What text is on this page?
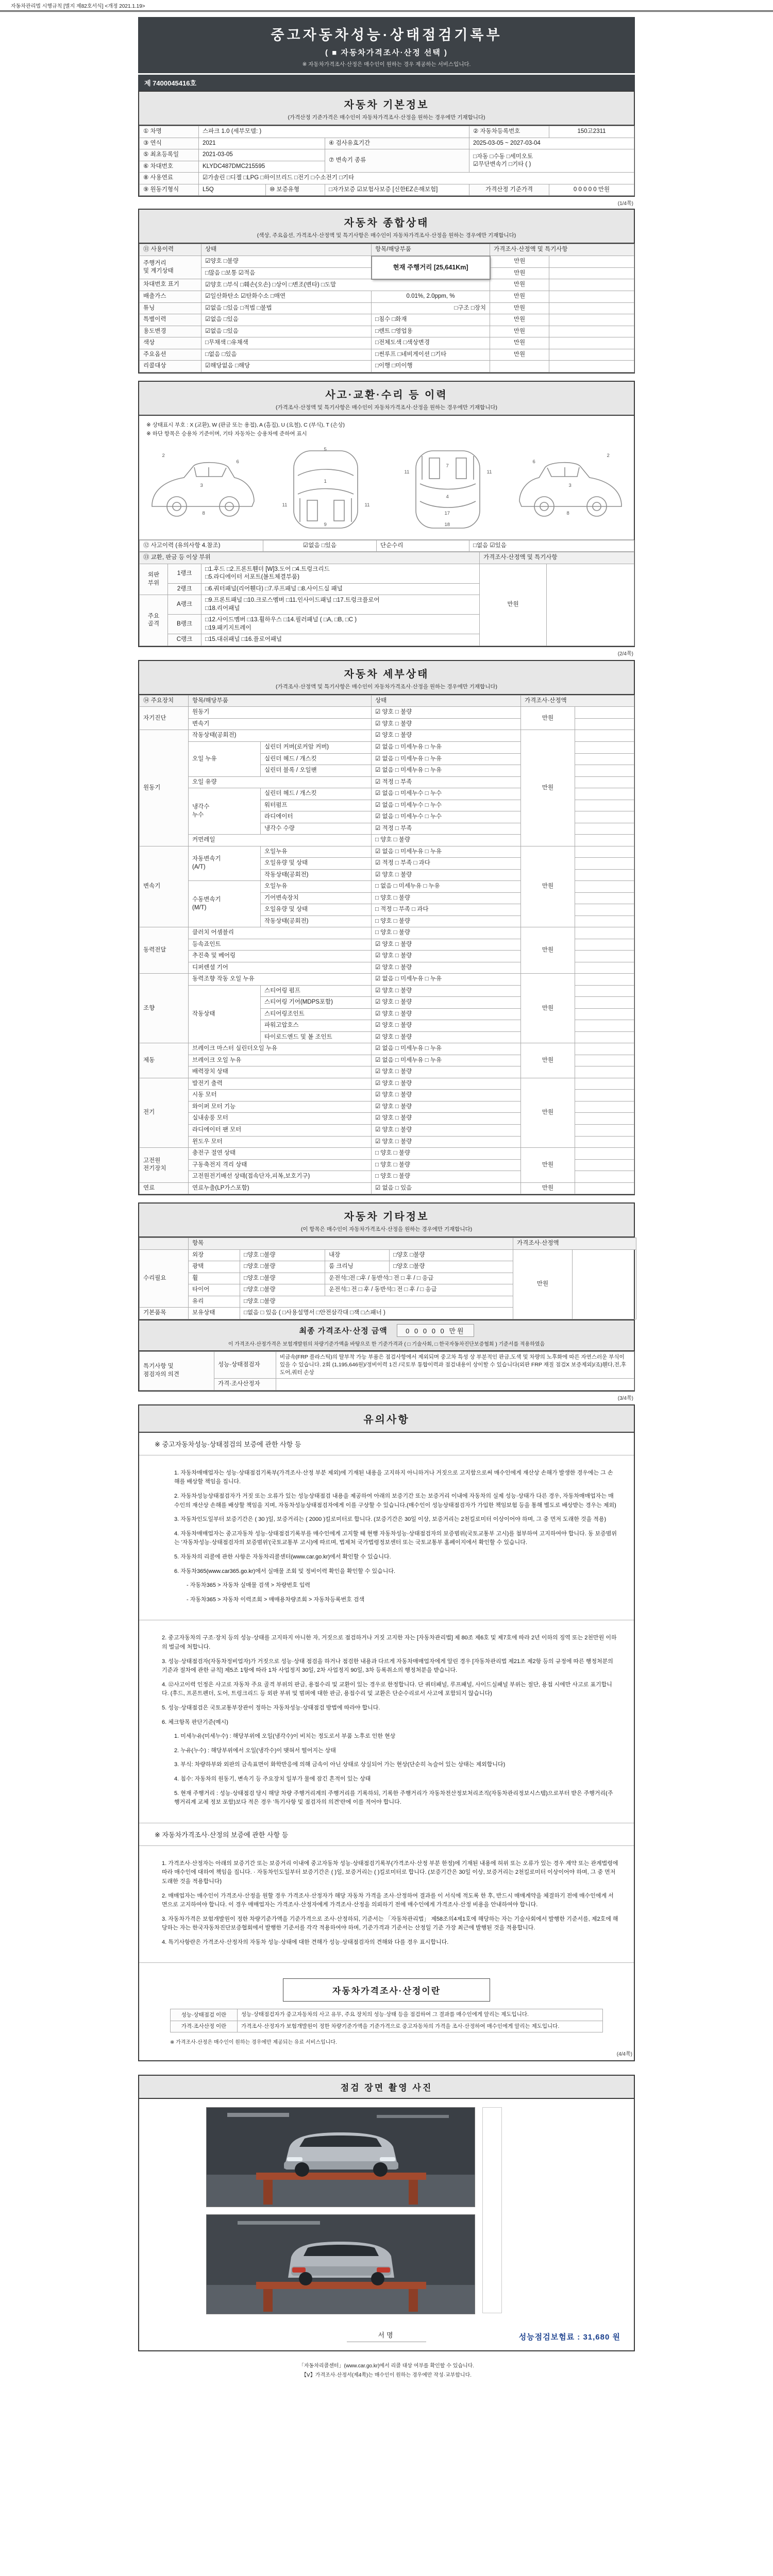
자동차관리법 시행규칙 [별지 제82호서식] <개정 2021.1.19>
중고자동차성능·상태점검기록부
( ■ 자동차가격조사·산정 선택 )
※ 자동차가격조사·산정은 매수인이 원하는 경우 제공하는 서비스입니다.
제 7400045416호
자동차 기본정보
(가격산정 기준가격은 매수인이 자동차가격조사·산정을 원하는 경우에만 기재합니다)
① 차명	스파크 1.0 (세부모델: )			② 자동차등록번호	150고2311
③ 연식	2021		④ 검사유효기간	2025-03-05 ~ 2027-03-04	
⑤ 최초등록일	2021-03-05		⑦ 변속기 종류	□자동 □수동 □세미오토
☑무단변속기 □기타 ( )	
⑥ 차대번호	KLYDC487DMC215595				
⑧ 사용연료	☑가솔린 □디젤 □LPG □하이브리드 □전기 □수소전기 □기타				
⑨ 원동기형식	L5Q	⑩ 보증유형	□자가보증 ☑보험사보증 [신한EZ손해보험]	가격산정 기준가격	0 0 0 0 0 만원
(1/4쪽)
자동차 종합상태
(색상, 주요옵션, 가격조사·산정액 및 특기사항은 매수인이 자동차가격조사·산정을 원하는 경우에만 기재합니다)
⑪ 사용이력	상태	항목/해당부품	가격조사·산정액 및 특기사항	
주행거리
및 계기상태	☑양호 □불량	현재 주행거리 [25,641Km]	만원	
	□많음 □보통 ☑적음		만원	
차대번호 표기	☑양호 □부식 □훼손(오손) □상이 □변조(변타) □도말		만원	
배출가스	☑일산화탄소 ☑탄화수소 □매연	0.01%, 2.0ppm, %	만원	
튜닝	☑없음 □있음 □적법 □불법	□구조 □장치	만원	
특별이력	☑없음 □있음	□침수 □화재	만원	
용도변경	☑없음 □있음	□렌트 □영업용	만원	
색상	□무채색 □유채색	□전체도색 □색상변경	만원	
주요옵션	□없음 □있음	□썬루프 □네비게이션 □기타	만원	
리콜대상	☑해당없음 □해당	□이행 □미이행		
사고·교환·수리 등 이력
(가격조사·산정액 및 특기사항은 매수인이 자동차가격조사·산정을 원하는 경우에만 기재합니다)
※ 상태표시 부호 : X (교환), W (판금 또는 용접), A (흠집), U (요철), C (부식), T (손상)
※ 하단 항목은 승용차 기준이며, 기타 자동차는 승용차에 준하여 표시
2
3
6
8
5
1
9
11	11
7
4
17
18
11	11
2
3
6
8
⑫ 사고이력 (유의사항 4.참조)	☑없음 □있음	단순수리	□없음 ☑있음
⑬ 교환, 판금 등 이상 부위			가격조사·산정액 및 특기사항	
외판
부위	1랭크	□1.후드 □2.프론트휀더 [W]3.도어 □4.트렁크리드
□5.라디에이터 서포트(볼트체결부품)	만원	
	2랭크	□6.쿼터패널(리어휀다) □7.루프패널 □8.사이드실 패널		
주요
골격	A랭크	□9.프론트패널 □10.크로스멤버 □11.인사이드패널 □17.트렁크플로어
□18.리어패널		
	B랭크	□12.사이드멤버 □13.휠하우스 □14.필러패널 ( □A, □B, □C )
□19.패키지트레이		
	C랭크	□15.대쉬패널 □16.플로어패널		
(2/4쪽)
자동차 세부상태
(가격조사·산정액 및 특기사항은 매수인이 자동차가격조사·산정을 원하는 경우에만 기재합니다)
⑭ 주요장치	항목/해당부품		상태	가격조사·산정액	
자기진단	원동기		☑ 양호 □ 불량	만원	
	변속기		☑ 양호 □ 불량		
원동기	작동상태(공회전)		☑ 양호 □ 불량	만원	
	오일 누유	실린더 커버(로커암 커버)	☑ 없음 □ 미세누유 □ 누유		
		실린더 헤드 / 개스킷	☑ 없음 □ 미세누유 □ 누유		
		실린더 블록 / 오일팬	☑ 없음 □ 미세누유 □ 누유		
	오일 유량		☑ 적정 □ 부족		
	냉각수
누수	실린더 헤드 / 개스킷	☑ 없음 □ 미세누수 □ 누수		
		워터펌프	☑ 없음 □ 미세누수 □ 누수		
		라디에이터	☑ 없음 □ 미세누수 □ 누수		
		냉각수 수량	☑ 적정 □ 부족		
	커먼레일		□ 양호 □ 불량		
변속기	자동변속기
(A/T)	오일누유	☑ 없음 □ 미세누유 □ 누유	만원	
		오일유량 및 상태	☑ 적정 □ 부족 □ 과다		
		작동상태(공회전)	☑ 양호 □ 불량		
	수동변속기
(M/T)	오일누유	□ 없음 □ 미세누유 □ 누유		
		기어변속장치	□ 양호 □ 불량		
		오일유량 및 상태	□ 적정 □ 부족 □ 과다		
		작동상태(공회전)	□ 양호 □ 불량		
동력전달	클러치 어셈블리		□ 양호 □ 불량	만원	
	등속죠인트		☑ 양호 □ 불량		
	추진축 및 베어링		☑ 양호 □ 불량		
	디퍼렌셜 기어		☑ 양호 □ 불량		
조향	동력조향 작동 오일 누유		☑ 없음 □ 미세누유 □ 누유	만원	
	작동상태	스티어링 펌프	☑ 양호 □ 불량		
		스티어링 기어(MDPS포함)	☑ 양호 □ 불량		
		스티어링조인트	☑ 양호 □ 불량		
		파워고압호스	☑ 양호 □ 불량		
		타이로드엔드 및 볼 조인트	☑ 양호 □ 불량		
제동	브레이크 마스터 실린더오일 누유		☑ 없음 □ 미세누유 □ 누유	만원	
	브레이크 오일 누유		☑ 없음 □ 미세누유 □ 누유		
	배력장치 상태		☑ 양호 □ 불량		
전기	발전기 출력		☑ 양호 □ 불량	만원	
	시동 모터		☑ 양호 □ 불량		
	와이퍼 모터 기능		☑ 양호 □ 불량		
	실내송풍 모터		☑ 양호 □ 불량		
	라디에이터 팬 모터		☑ 양호 □ 불량		
	윈도우 모터		☑ 양호 □ 불량		
고전원
전기장치	충전구 절연 상태		□ 양호 □ 불량	만원	
	구동축전지 격리 상태		□ 양호 □ 불량		
	고전원전기배선 상태(접속단자,피복,보호기구)		□ 양호 □ 불량		
연료	연료누출(LP가스포함)		☑ 없음 □ 있음	만원	
자동차 기타정보
(이 항목은 매수인이 자동차가격조사·산정을 원하는 경우에만 기재합니다)
	항목				가격조사·산정액	
수리필요	외장	□양호 □불량	내장	□양호 □불량	만원	
	광택	□양호 □불량	룸 크리닝	□양호 □불량		
	휠	□양호 □불량	운전석□전 □후 / 동반석□ 전 □ 후 / □ 응급			
	타이어	□양호 □불량	운전석□ 전 □ 후 / 동반석□ 전 □ 후 / □ 응급			
	유리	□양호 □불량				
기본품목	보유상태	□없음 □ 있음 ( □사용설명서 □안전삼각대 □잭 □스패너 )				
최종 가격조사·산정 금액	0 0 0 0 0 만원
이 가격조사·산정가격은 보험개발원의 차량기준가액을 바탕으로 한 기준가격과 ( □ 기술사회, □ 한국자동차진단보증협회 ) 기준서를 적용하였음
특기사항 및
점검자의 의견	성능·상태점검자	비금속(FRP 플라스틱)의 탈부착 가능 부품은 점검사항에서 제외되며 중고차 특성 상 부분적인 판금,도색 및 차량의 노후화에 따른 자연스러운 부식이 있을 수 있습니다. 2회 (1,195,646원)/정비이력 1건 /국토부 통합이력과 점검내용이 상이할 수 있습니다(외판 FRP 재질 점검X 보증제외)/조)휀다,전,후도어,쿼터 손상
	가격·조사산정자	
(3/4쪽)
유의사항
※ 중고자동차성능·상태점검의 보증에 관한 사항 등
1. 자동차매매업자는 성능·상태점검기록부(가격조사·산정 부분 제외)에 기재된 내용을 고지하지 아니하거나 거짓으로 고지함으로써 매수인에게 재산상 손해가 발생한 경우에는 그 손해를 배상할 책임을 집니다.
2. 자동차성능상태점검자가 거짓 또는 오류가 있는 성능상태점검 내용을 제공하여 아래의 보증기간 또는 보증거리 이내에 자동차의 실제 성능·상태가 다른 경우, 자동차매매업자는 매수인의 재산상 손해를 배상할 책임을 지며, 자동차성능상태점검자에게 이를 구상할 수 있습니다.(매수인이 성능상태점검자가 가입한 책임보험 등을 통해 별도로 배상받는 경우는 제외)
3. 자동차인도일부터 보증기간은 ( 30 )일, 보증거리는 ( 2000 )킬로미터로 합니다. (보증기간은 30일 이상, 보증거리는 2천킬로미터 이상이어야 하며, 그 중 먼저 도래한 것을 적용)
4. 자동차매매업자는 중고자동차 성능·상태점검기록부를 매수인에게 고지할 때 현행 자동차성능·상태점검자의 보증범위(국토교통부 고시)를 첨부하여 고지하여야 합니다. 동 보증범위는 '자동차성능·상태점검자의 보증범위'(국토교통부 고시)에 따르며, 법제처 국가법령정보센터 또는 국토교통부 홈페이지에서 확인할 수 있습니다.
5. 자동차의 리콜에 관한 사항은 자동차리콜센터(www.car.go.kr)에서 확인할 수 있습니다.
6. 자동차365(www.car365.go.kr)에서 실매물 조회 및 정비이력 확인을 확인할 수 있습니다.
- 자동차365 > 자동차 실매물 검색 > 차량번호 입력
- 자동차365 > 자동차 이력조회 > 매매용차량조회 > 자동차등록번호 검색
2. 중고자동차의 구조·장치 등의 성능·상태를 고지하지 아니한 자, 거짓으로 점검하거나 거짓 고지한 자는 [자동차관리법] 제 80조 제6호 및 제7호에 따라 2년 이하의 징역 또는 2천만원 이하의 벌금에 처합니다.
3. 성능·상태점검자(자동차정비업자)가 거짓으로 성능·상태 점검을 하거나 점검한 내용과 다르게 자동차매매업자에게 알린 경우 [자동차관리법 제21조 제2항 등의 규정에 따른 행정처분의 기준과 절차에 관한 규칙] 제5조 1항에 따라 1차 사업정지 30일, 2차 사업정지 90일, 3차 등록취소의 행정처분을 받습니다.
4. ⑫사고이력 인정은 사고로 자동차 주요 골격 부위의 판금, 용접수리 및 교환이 있는 경우로 한정합니다. 단 쿼터패널, 루프패널, 사이드실패널 부위는 절단, 용접 시에만 사고로 표기합니다. (후드, 프론트펜더, 도어, 트렁크리드 등 외판 부위 및 범퍼에 대한 판금, 용접수리 및 교환은 단순수리로서 사고에 포함되지 않습니다)
5. 성능·상태점검은 국토교통부장관이 정하는 자동차성능·상태점검 방법에 따라야 합니다.
6. 체크항목 판단기준(예시)
1. 미세누유(미세누수) : 해당부위에 오일(냉각수)이 비치는 정도로서 부품 노후로 인한 현상
2. 누유(누수) : 해당부위에서 오일(냉각수)이 맺혀서 떨어지는 상태
3. 부식: 차량하부와 외판의 금속표면이 화학반응에 의해 금속이 아닌 상태로 상실되어 가는 현상(단순히 녹슬어 있는 상태는 제외합니다)
4. 침수: 자동차의 원동기, 변속기 등 주요장치 일부가 물에 잠긴 흔적이 있는 상태
5. 현재 주행거리 : 성능·상태점검 당시 해당 차량 주행거리계의 주행거리를 기록하되, 기록한 주행거리가 자동차전산정보처리조직(자동차관리정보시스템)으로부터 받은 주행거리(주행거리계 교체 정보 포함)보다 적은 경우 '특기사항 및 점검자의 의견'란에 이를 적어야 합니다.
※ 자동차가격조사·산정의 보증에 관한 사항 등
1. 가격조사·산정자는 아래의 보증기간 또는 보증거리 이내에 중고자동차 성능·상태점검기록부(가격조사·산정 부분 한정)에 기재된 내용에 허위 또는 오류가 있는 경우 계약 또는 관계법령에 따라 매수인에 대하여 책임을 집니다. · 자동차인도일부터 보증기간은 ( )일, 보증거리는 ( )킬로미터로 합니다. (보증기간은 30일 이상, 보증거리는 2천킬로미터 이상이어야 하며, 그 중 먼저 도래한 것을 적용합니다)
2. 매매업자는 매수인이 가격조사·산정을 원할 경우 가격조사·산정자가 해당 자동차 가격을 조사·산정하여 결과를 이 서식에 적도록 한 후, 반드시 매매계약을 체결하기 전에 매수인에게 서면으로 고지하여야 합니다. 이 경우 매매업자는 가격조사·산정자에게 가격조사·산정을 의뢰하기 전에 매수인에게 가격조사·산정 비용을 안내하여야 합니다.
3. 자동차가격은 보험개발원이 정한 차량기준가액을 기준가격으로 조사·산정하되, 기준서는 「자동차관리법」 제58조의4제1호에 해당하는 자는 기술사회에서 발행한 기준서를, 제2호에 해당하는 자는 한국자동차진단보증협회에서 발행한 기준서를 각각 적용하여야 하며, 기준가격과 기준서는 산정일 기준 가장 최근에 발행된 것을 적용합니다.
4. 특기사항란은 가격조사·산정자의 자동차 성능·상태에 대한 견해가 성능·상태점검자의 견해와 다를 경우 표시합니다.
자동차가격조사·산정이란
성능·상태점검 이란	성능·상태점검자가 중고자동차의 사고 유무, 주요 장치의 성능·상태 등을 점검하여 그 결과를 매수인에게 알리는 제도입니다.
가격·조사산정 이란	가격조사·산정자가 보험개발원이 정한 차량기준가액을 기준가격으로 중고자동차의 가격을 조사·산정하여 매수인에게 알리는 제도입니다.
※ 가격조사·산정은 매수인이 원하는 경우에만 제공되는 유료 서비스입니다.
(4/4쪽)
점검 장면 촬영 사진
서명	성능점검보험료 : 31,680 원
「자동차리콜센터」(www.car.go.kr)에서 리콜 대상 여부를 확인할 수 있습니다.
【Ⅴ】가격조사·산정서(제4쪽)는 매수인이 원하는 경우에만 작성·교부합니다.
